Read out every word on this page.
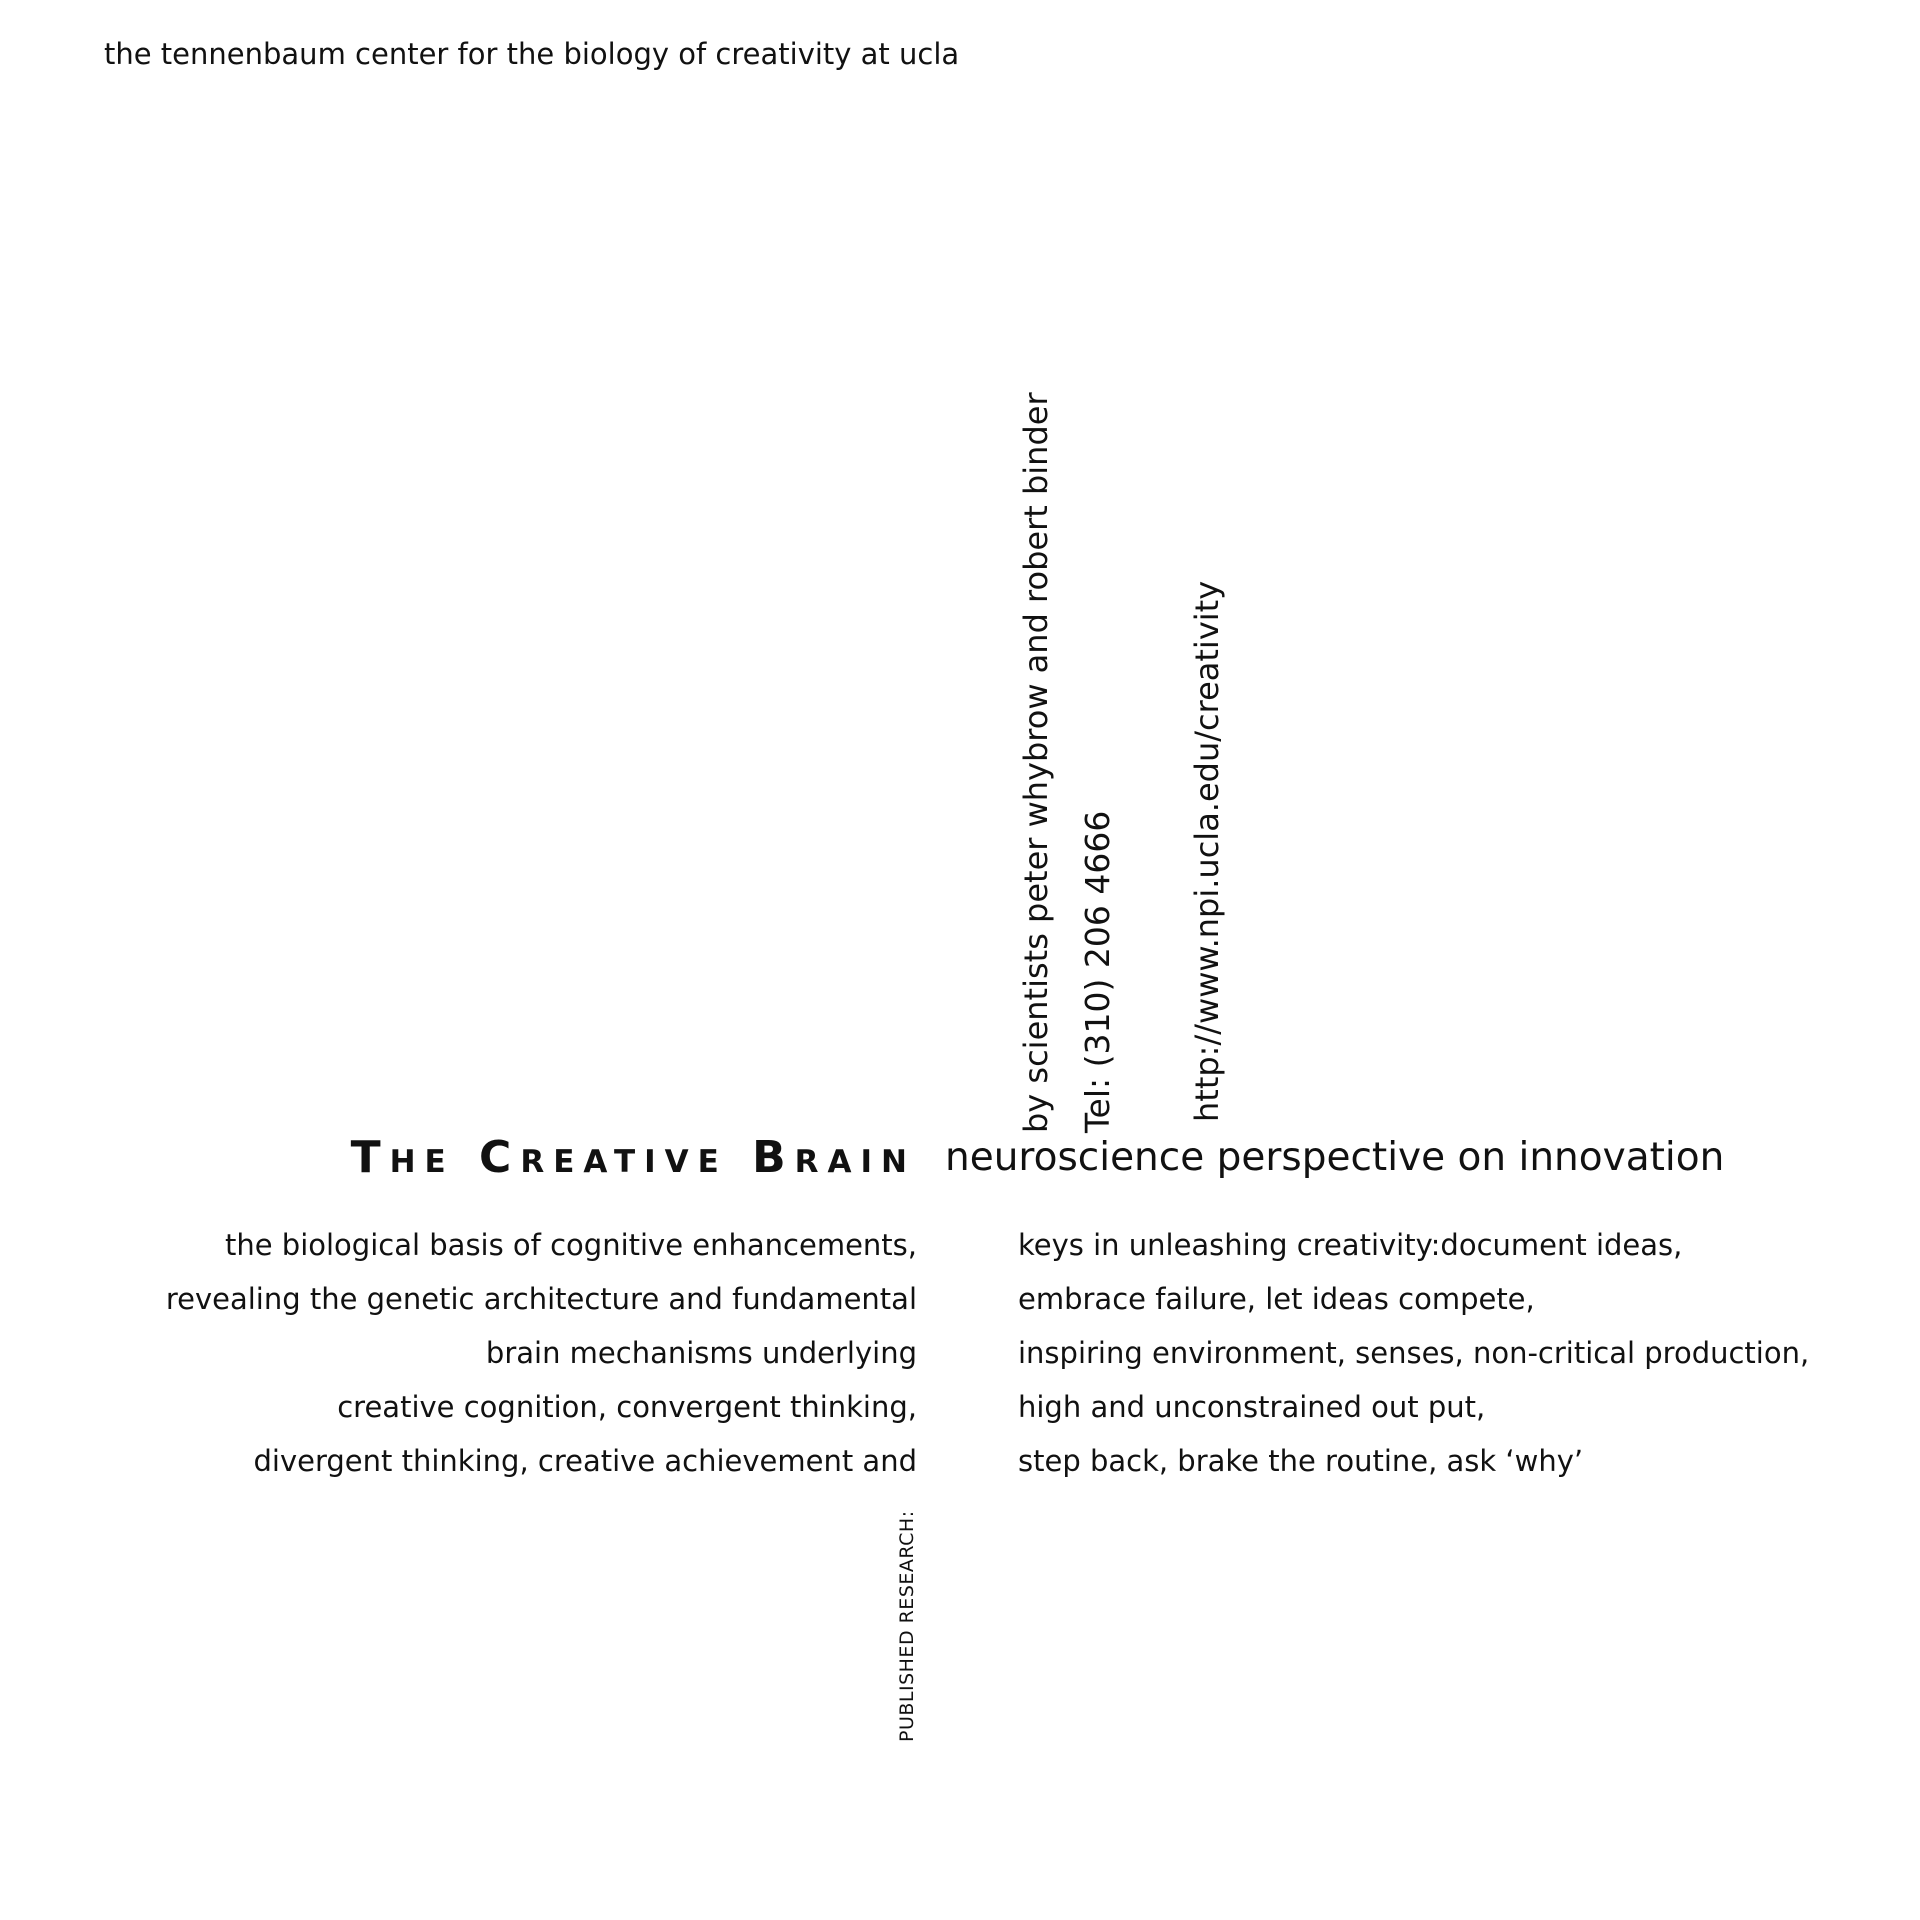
the tennenbaum center for the biology of creativity at ucla
by scientists peter whybrow and robert binder Tel: (310) 206 4666 http://www.npi.ucla.edu/creativity
The Creative Brain neuroscience perspective on innovation
the biological basis of cognitive enhancements,
revealing the genetic architecture and fundamental
brain mechanisms underlying
creative cognition, convergent thinking,
divergent thinking, creative achievement and
keys in unleashing creativity:document ideas,
embrace failure, let ideas compete,
inspiring environment, senses, non-critical production,
high and unconstrained out put,
step back, brake the routine, ask ‘why’
PUBLISHED RESEARCH:
